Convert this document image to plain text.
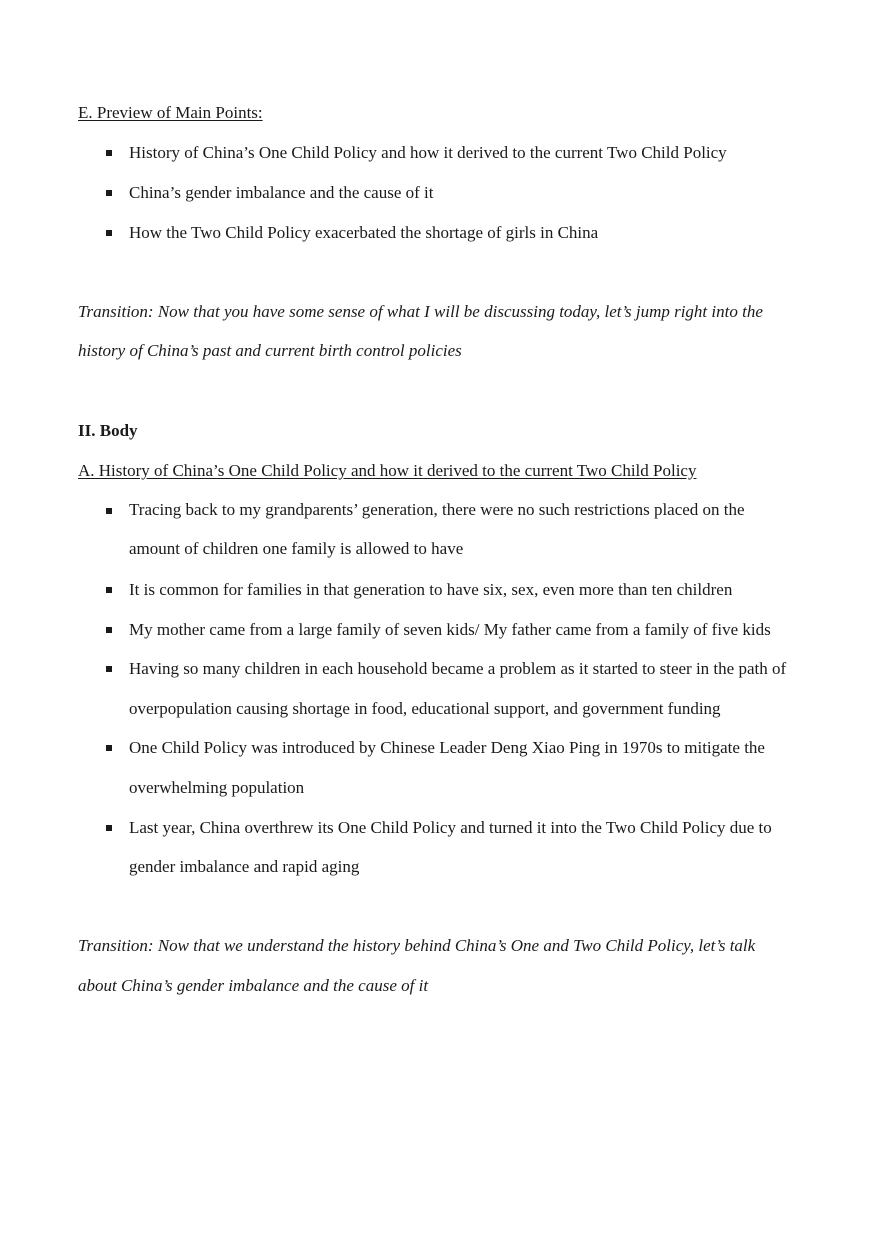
E. Preview of Main Points:
History of China’s One Child Policy and how it derived to the current Two Child Policy
China’s gender imbalance and the cause of it
How the Two Child Policy exacerbated the shortage of girls in China
Transition: Now that you have some sense of what I will be discussing today, let’s jump right into the
history of China’s past and current birth control policies
II. Body
A. History of China’s One Child Policy and how it derived to the current Two Child Policy
Tracing back to my grandparents’ generation, there were no such restrictions placed on the
amount of children one family is allowed to have
It is common for families in that generation to have six, sex, even more than ten children
My mother came from a large family of seven kids/ My father came from a family of five kids
Having so many children in each household became a problem as it started to steer in the path of
overpopulation causing shortage in food, educational support, and government funding
One Child Policy was introduced by Chinese Leader Deng Xiao Ping in 1970s to mitigate the
overwhelming population
Last year, China overthrew its One Child Policy and turned it into the Two Child Policy due to
gender imbalance and rapid aging
Transition: Now that we understand the history behind China’s One and Two Child Policy, let’s talk
about China’s gender imbalance and the cause of it
